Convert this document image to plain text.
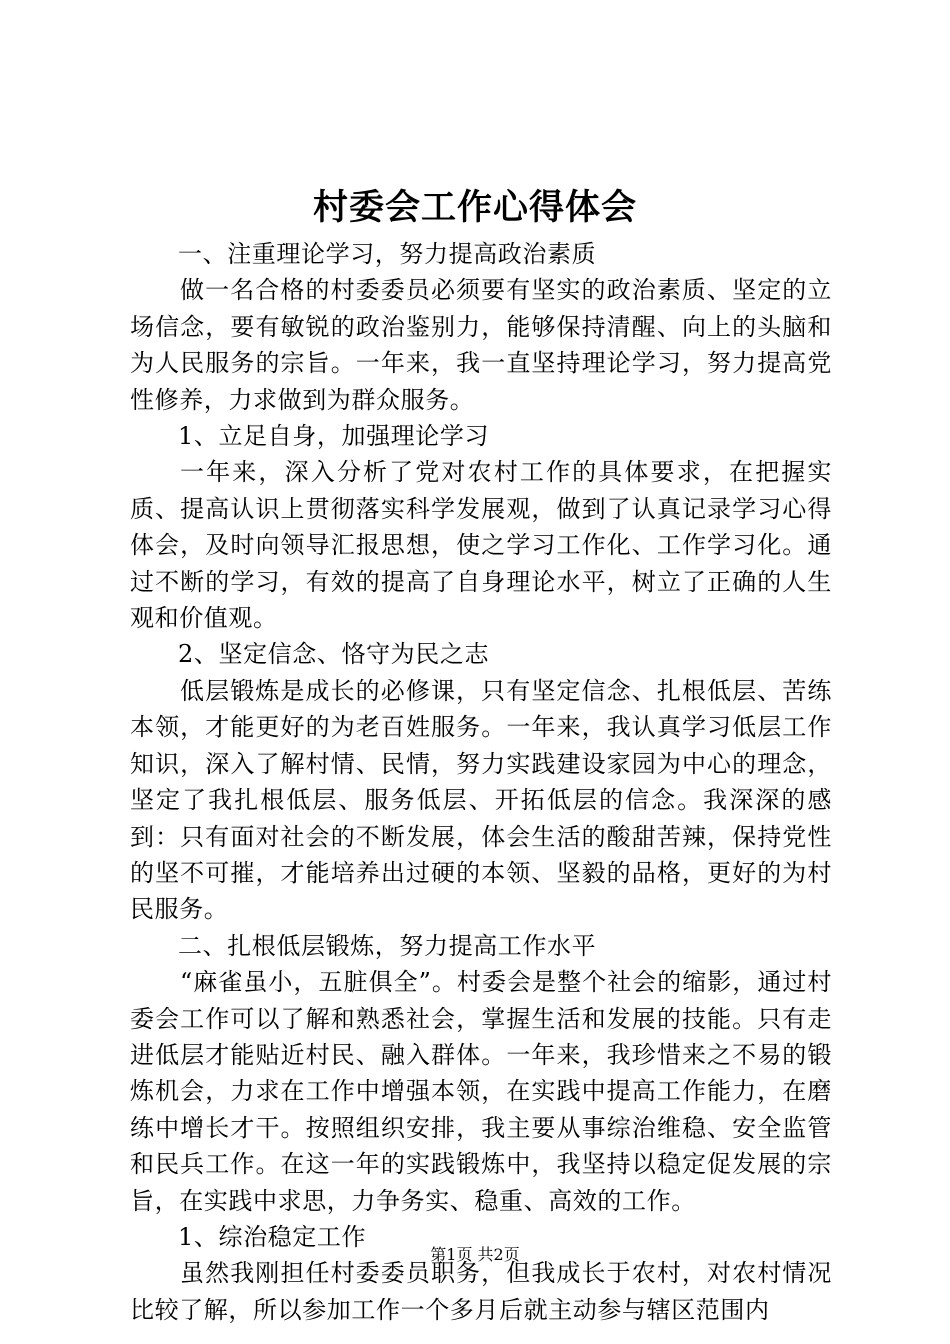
村委会工作心得体会

一、注重理论学习，努力提高政治素质

做一名合格的村委委员必须要有坚实的政治素质、坚定的立场信念，要有敏锐的政治鉴别力，能够保持清醒、向上的头脑和为人民服务的宗旨。一年来，我一直坚持理论学习，努力提高党性修养，力求做到为群众服务。

1、立足自身，加强理论学习

一年来，深入分析了党对农村工作的具体要求，在把握实质、提高认识上贯彻落实科学发展观，做到了认真记录学习心得体会，及时向领导汇报思想，使之学习工作化、工作学习化。通过不断的学习，有效的提高了自身理论水平，树立了正确的人生观和价值观。

2、坚定信念、恪守为民之志

低层锻炼是成长的必修课，只有坚定信念、扎根低层、苦练本领，才能更好的为老百姓服务。一年来，我认真学习低层工作知识，深入了解村情、民情，努力实践建设家园为中心的理念，坚定了我扎根低层、服务低层、开拓低层的信念。我深深的感到：只有面对社会的不断发展，体会生活的酸甜苦辣，保持党性的坚不可摧，才能培养出过硬的本领、坚毅的品格，更好的为村民服务。

二、扎根低层锻炼，努力提高工作水平

“麻雀虽小，五脏俱全”。村委会是整个社会的缩影，通过村委会工作可以了解和熟悉社会，掌握生活和发展的技能。只有走进低层才能贴近村民、融入群体。一年来，我珍惜来之不易的锻炼机会，力求在工作中增强本领，在实践中提高工作能力，在磨练中增长才干。按照组织安排，我主要从事综治维稳、安全监管和民兵工作。在这一年的实践锻炼中，我坚持以稳定促发展的宗旨，在实践中求思，力争务实、稳重、高效的工作。

1、综治稳定工作

虽然我刚担任村委委员职务，但我成长于农村，对农村情况比较了解，所以参加工作一个多月后就主动参与辖区范围内

第1页 共2页
